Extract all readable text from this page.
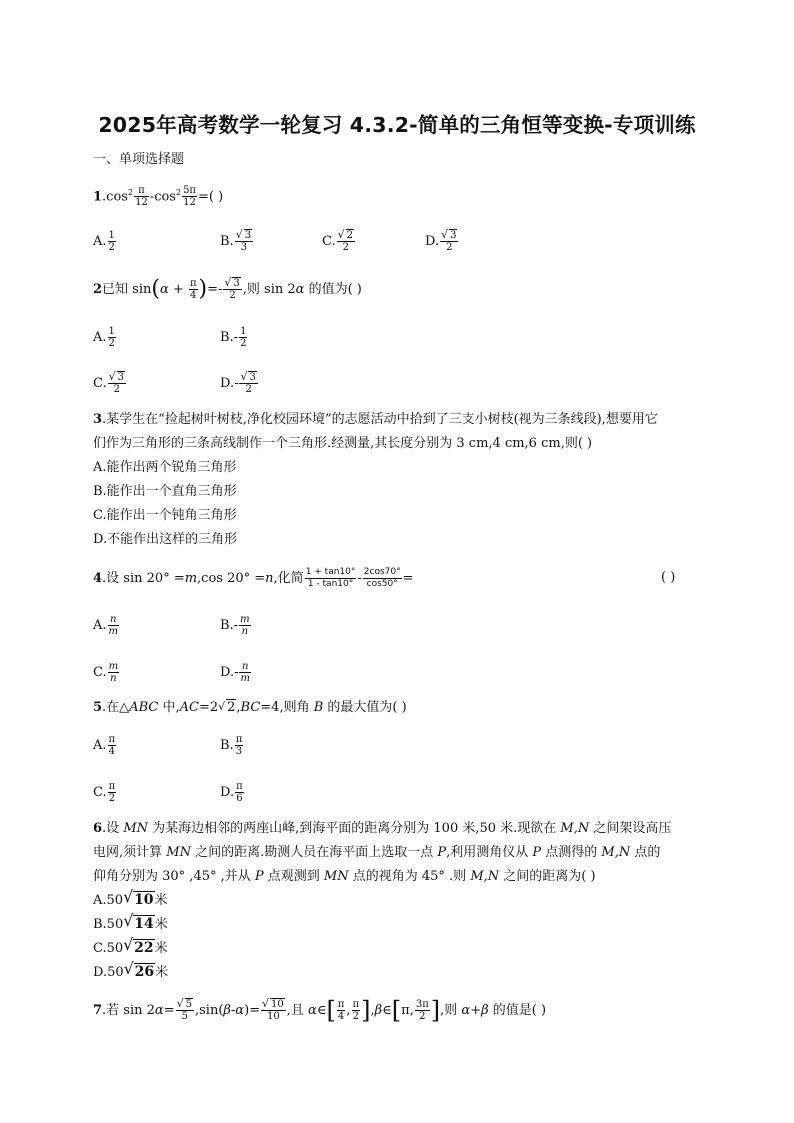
2025年高考数学一轮复习 4.3.2-简单的三角恒等变换-专项训练
一、单项选择题
$1.\cos^2 \frac{\pi}{12} -\cos^2 \frac{5\pi}{12}$ =( )
A. $\frac{1}{2}$	B. √ $\frac{3}{3}$	C. √ $\frac{2}{2}$	D. √ $\frac{3}{2}$
2已知 $\sin(\alpha + \frac{\pi}{4}$ )=- √ $\frac{3}{2}$ ,则 sin 2α 的值为( )
A. $\frac{1}{2}$	$B.- \frac{1}{2}$
C. √ $\frac{3}{2}$	D.- √ $\frac{3}{2}$
3.某学生在“捡起树叶树枝,净化校园环境”的志愿活动中拾到了三支小树枝(视为三条线段),想要用它
们作为三角形的三条高线制作一个三角形.经测量,其长度分别为 3 cm,4 cm,6 cm,则( )
A.能作出两个锐角三角形
B.能作出一个直角三角形
C.能作出一个钝角三角形
D.不能作出这样的三角形
4.设 sin 20° =m,cos 20° =n,化简 $\frac{1 + \tan 10^\circ}{1 - \tan 10^\circ} - \frac{2\cos 70^\circ}{\cos 50^\circ}$ =	( )
A. $\frac{n}{m}$	$B.- \frac{m}{n}$
C. $\frac{m}{n}$	$D.- \frac{n}{m}$
5.在△ABC 中,AC=2 √ 2,BC=4,则角 B 的最大值为( )
A. $\frac{\pi}{4}$	B. $\frac{\pi}{3}$
C. $\frac{\pi}{2}$	D. $\frac{\pi}{6}$
6.设 MN 为某海边相邻的两座山峰,到海平面的距离分别为 100 米,50 米.现欲在 M,N 之间架设高压
电网,须计算 MN 之间的距离.勘测人员在海平面上选取一点 P,利用测角仪从 P 点测得的 M,N 点的
仰角分别为 30° ,45° ,并从 P 点观测到 MN 点的视角为 45° .则 M,N 之间的距离为( )
A.50 √ 10米
B.50 √ 14米
C.50 √ 22米
D.50 √ 26米
7.若 sin 2α= √ $\frac{5}{5} ,\sin(\beta-\alpha)=$ √ $\frac{10}{10}$ ,且 α∈[ $\frac{\pi}{4}$ , $\frac{\pi}{2}$ ],β∈[π, $\frac{3\pi}{2}$ ],则 α+β 的值是( )
